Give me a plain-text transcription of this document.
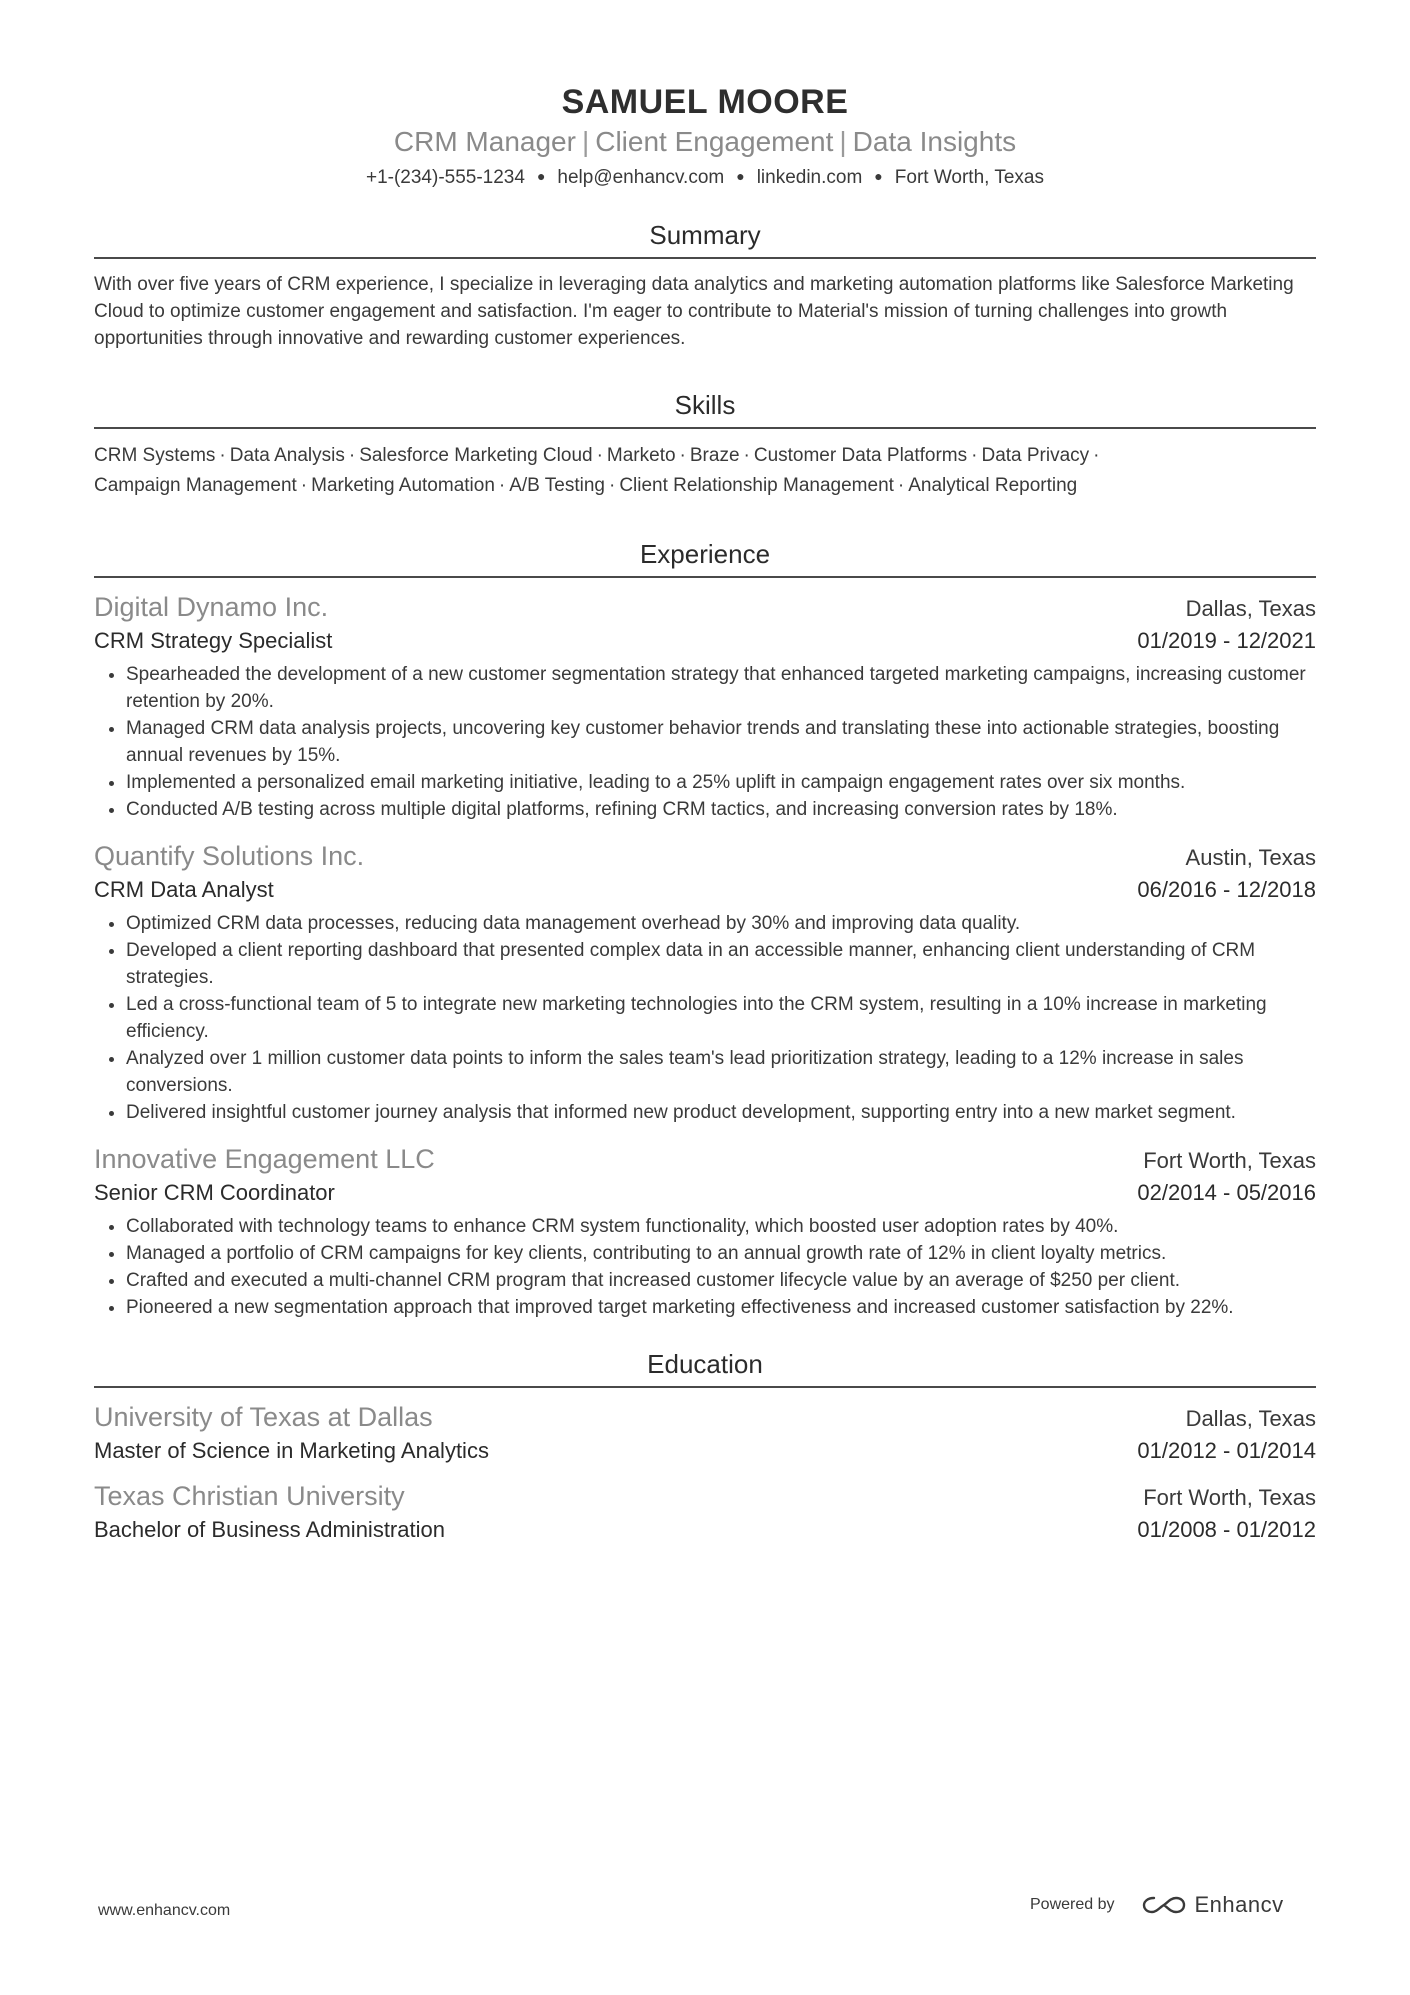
SAMUEL MOORE
CRM Manager | Client Engagement | Data Insights
+1-(234)-555-1234 ● help@enhancv.com ● linkedin.com ● Fort Worth, Texas
Summary
With over five years of CRM experience, I specialize in leveraging data analytics and marketing automation platforms like Salesforce Marketing Cloud to optimize customer engagement and satisfaction. I'm eager to contribute to Material's mission of turning challenges into growth opportunities through innovative and rewarding customer experiences.
Skills
CRM Systems · Data Analysis · Salesforce Marketing Cloud · Marketo · Braze · Customer Data Platforms · Data Privacy ·
Campaign Management · Marketing Automation · A/B Testing · Client Relationship Management · Analytical Reporting
Experience
Digital Dynamo Inc.	Dallas, Texas
CRM Strategy Specialist	01/2019 - 12/2021
• Spearheaded the development of a new customer segmentation strategy that enhanced targeted marketing campaigns, increasing customer retention by 20%.
• Managed CRM data analysis projects, uncovering key customer behavior trends and translating these into actionable strategies, boosting annual revenues by 15%.
• Implemented a personalized email marketing initiative, leading to a 25% uplift in campaign engagement rates over six months.
• Conducted A/B testing across multiple digital platforms, refining CRM tactics, and increasing conversion rates by 18%.
Quantify Solutions Inc.	Austin, Texas
CRM Data Analyst	06/2016 - 12/2018
• Optimized CRM data processes, reducing data management overhead by 30% and improving data quality.
• Developed a client reporting dashboard that presented complex data in an accessible manner, enhancing client understanding of CRM strategies.
• Led a cross-functional team of 5 to integrate new marketing technologies into the CRM system, resulting in a 10% increase in marketing efficiency.
• Analyzed over 1 million customer data points to inform the sales team's lead prioritization strategy, leading to a 12% increase in sales conversions.
• Delivered insightful customer journey analysis that informed new product development, supporting entry into a new market segment.
Innovative Engagement LLC	Fort Worth, Texas
Senior CRM Coordinator	02/2014 - 05/2016
• Collaborated with technology teams to enhance CRM system functionality, which boosted user adoption rates by 40%.
• Managed a portfolio of CRM campaigns for key clients, contributing to an annual growth rate of 12% in client loyalty metrics.
• Crafted and executed a multi-channel CRM program that increased customer lifecycle value by an average of $250 per client.
• Pioneered a new segmentation approach that improved target marketing effectiveness and increased customer satisfaction by 22%.
Education
University of Texas at Dallas	Dallas, Texas
Master of Science in Marketing Analytics	01/2012 - 01/2014
Texas Christian University	Fort Worth, Texas
Bachelor of Business Administration	01/2008 - 01/2012
www.enhancv.com	Powered by	Enhancv
